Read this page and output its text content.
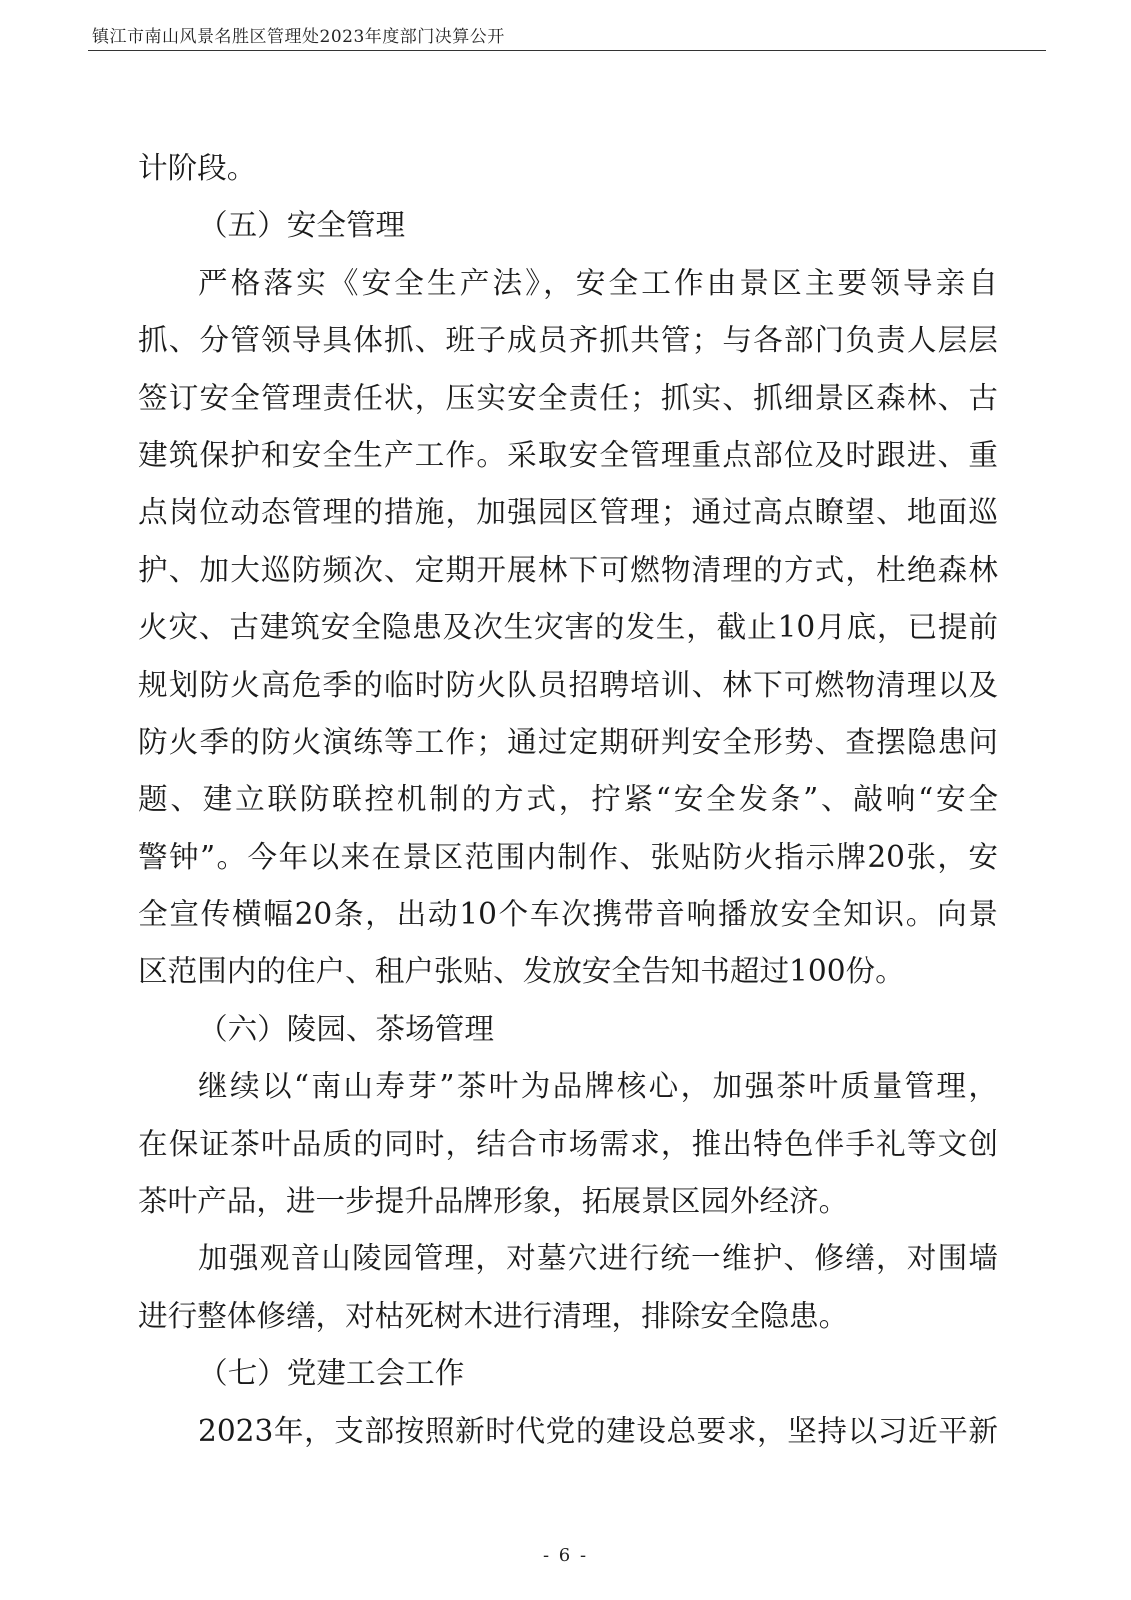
镇江市南山风景名胜区管理处2023年度部门决算公开
计阶段。
（五）安全管理
严格落实《安全生产法》，安全工作由景区主要领导亲自
抓、分管领导具体抓、班子成员齐抓共管；与各部门负责人层层
签订安全管理责任状，压实安全责任；抓实、抓细景区森林、古
建筑保护和安全生产工作。采取安全管理重点部位及时跟进、重
点岗位动态管理的措施，加强园区管理；通过高点瞭望、地面巡
护、加大巡防频次、定期开展林下可燃物清理的方式，杜绝森林
火灾、古建筑安全隐患及次生灾害的发生，截止10月底，已提前
规划防火高危季的临时防火队员招聘培训、林下可燃物清理以及
防火季的防火演练等工作；通过定期研判安全形势、查摆隐患问
题、建立联防联控机制的方式，拧紧“安全发条”、敲响“安全
警钟”。今年以来在景区范围内制作、张贴防火指示牌20张，安
全宣传横幅20条，出动10个车次携带音响播放安全知识。向景
区范围内的住户、租户张贴、发放安全告知书超过100份。
（六）陵园、茶场管理
继续以“南山寿芽”茶叶为品牌核心，加强茶叶质量管理，
在保证茶叶品质的同时，结合市场需求，推出特色伴手礼等文创
茶叶产品，进一步提升品牌形象，拓展景区园外经济。
加强观音山陵园管理，对墓穴进行统一维护、修缮，对围墙
进行整体修缮，对枯死树木进行清理，排除安全隐患。
（七）党建工会工作
2023年，支部按照新时代党的建设总要求，坚持以习近平新
- 6 -
